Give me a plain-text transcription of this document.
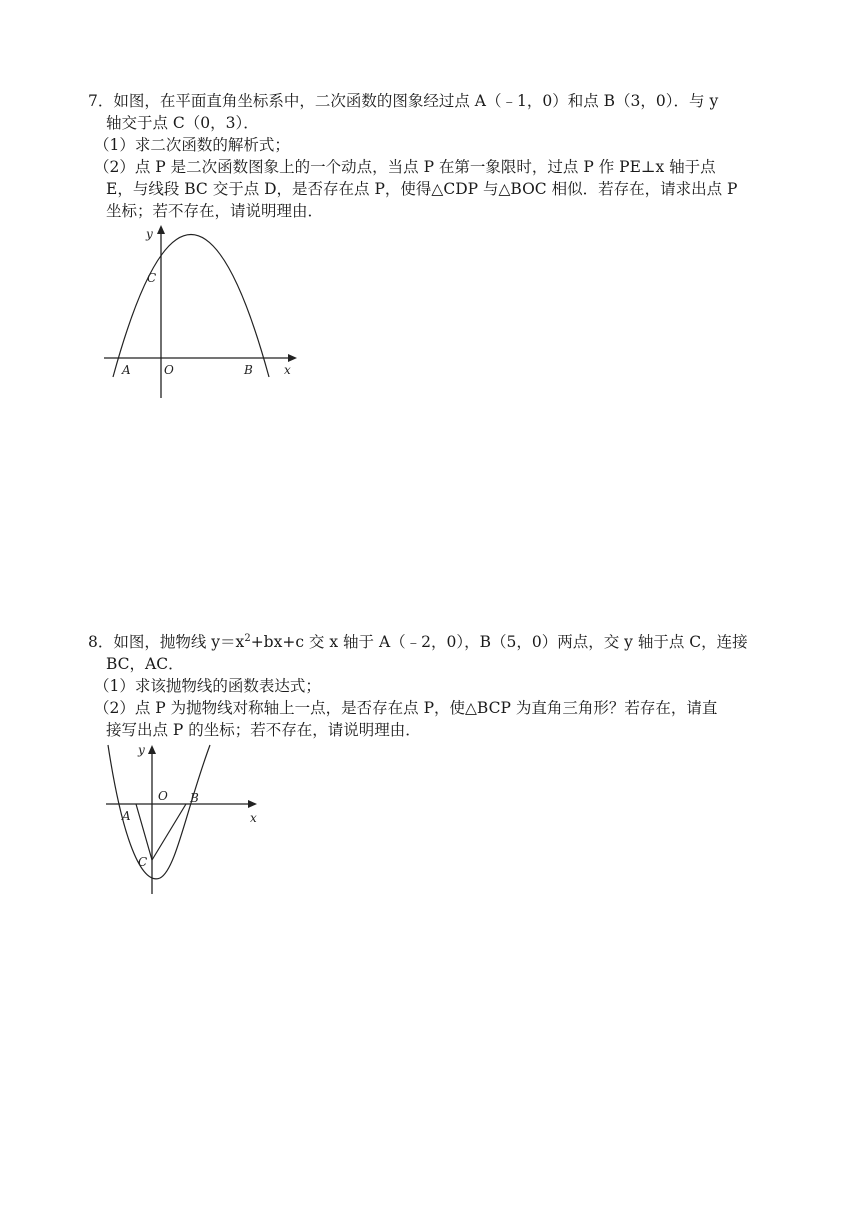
7．如图，在平面直角坐标系中，二次函数的图象经过点 A（﹣1，0）和点 B（3，0）．与 y

轴交于点 C（0，3）．

（1）求二次函数的解析式；

（2）点 P 是二次函数图象上的一个动点，当点 P 在第一象限时，过点 P 作 PE⊥x 轴于点

E，与线段 BC 交于点 D，是否存在点 P，使得△CDP 与△BOC 相似．若存在，请求出点 P

坐标；若不存在，请说明理由．

y
C
A	O	B	x

8．如图，抛物线 $y=x^2+bx+c$ 交 x 轴于 A（﹣2，0），B（5，0）两点，交 y 轴于点 C，连接

BC，AC．

（1）求该抛物线的函数表达式；

（2）点 P 为抛物线对称轴上一点，是否存在点 P，使△BCP 为直角三角形？若存在，请直

接写出点 P 的坐标；若不存在，请说明理由．

y
O B
A	x
C
